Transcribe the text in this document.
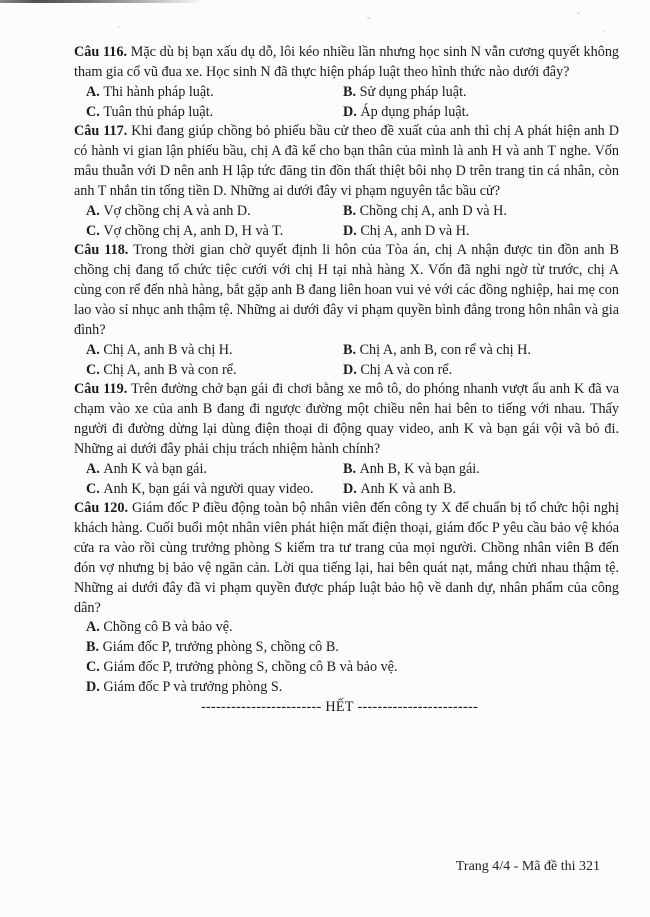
Câu 116. Mặc dù bị bạn xấu dụ dỗ, lôi kéo nhiều lần nhưng học sinh N vẫn cương quyết không tham gia cổ vũ đua xe. Học sinh N đã thực hiện pháp luật theo hình thức nào dưới đây?

A. Thi hành pháp luật.	B. Sử dụng pháp luật.
C. Tuân thủ pháp luật.	D. Áp dụng pháp luật.

Câu 117. Khi đang giúp chồng bỏ phiếu bầu cử theo đề xuất của anh thì chị A phát hiện anh D có hành vi gian lận phiếu bầu, chị A đã kể cho bạn thân của mình là anh H và anh T nghe. Vốn mâu thuẫn với D nên anh H lập tức đăng tin đồn thất thiệt bôi nhọ D trên trang tin cá nhân, còn anh T nhắn tin tống tiền D. Những ai dưới đây vi phạm nguyên tắc bầu cử?

A. Vợ chồng chị A và anh D.	B. Chồng chị A, anh D và H.
C. Vợ chồng chị A, anh D, H và T.	D. Chị A, anh D và H.

Câu 118. Trong thời gian chờ quyết định li hôn của Tòa án, chị A nhận được tin đồn anh B chồng chị đang tổ chức tiệc cưới với chị H tại nhà hàng X. Vốn đã nghi ngờ từ trước, chị A cùng con rể đến nhà hàng, bắt gặp anh B đang liên hoan vui vẻ với các đồng nghiệp, hai mẹ con lao vào sỉ nhục anh thậm tệ. Những ai dưới đây vi phạm quyền bình đẳng trong hôn nhân và gia đình?

A. Chị A, anh B và chị H.	B. Chị A, anh B, con rể và chị H.
C. Chị A, anh B và con rể.	D. Chị A và con rể.

Câu 119. Trên đường chở bạn gái đi chơi bằng xe mô tô, do phóng nhanh vượt ẩu anh K đã va chạm vào xe của anh B đang đi ngược đường một chiều nên hai bên to tiếng với nhau. Thấy người đi đường dừng lại dùng điện thoại di động quay video, anh K và bạn gái vội vã bỏ đi. Những ai dưới đây phải chịu trách nhiệm hành chính?

A. Anh K và bạn gái.	B. Anh B, K và bạn gái.
C. Anh K, bạn gái và người quay video.	D. Anh K và anh B.

Câu 120. Giám đốc P điều động toàn bộ nhân viên đến công ty X để chuẩn bị tổ chức hội nghị khách hàng. Cuối buổi một nhân viên phát hiện mất điện thoại, giám đốc P yêu cầu bảo vệ khóa cửa ra vào rồi cùng trưởng phòng S kiểm tra tư trang của mọi người. Chồng nhân viên B đến đón vợ nhưng bị bảo vệ ngăn cản. Lời qua tiếng lại, hai bên quát nạt, mắng chửi nhau thậm tệ. Những ai dưới đây đã vi phạm quyền được pháp luật bảo hộ về danh dự, nhân phẩm của công dân?

A. Chồng cô B và bảo vệ.
B. Giám đốc P, trưởng phòng S, chồng cô B.
C. Giám đốc P, trưởng phòng S, chồng cô B và bảo vệ.
D. Giám đốc P và trưởng phòng S.

------------------------ HẾT ------------------------

Trang 4/4 - Mã đề thi 321
